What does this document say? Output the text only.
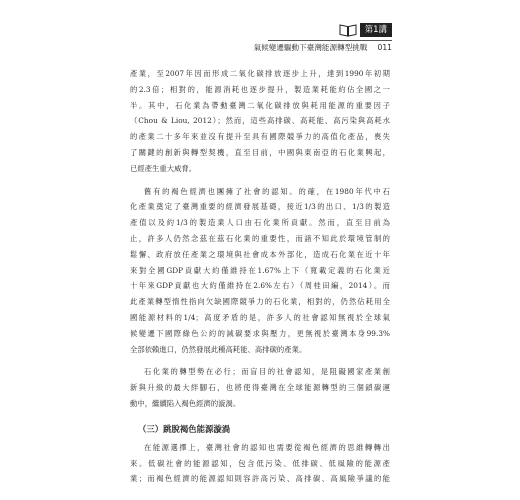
第1講
氣候變遷驅動下臺灣能源轉型挑戰 011
產業，至2007年因而形成二氧化碳排放逐步上升，達到1990年初期
的2.3倍；相對的，能源消耗也逐步提升，製造業耗能約佔全國之一
半。其中，石化業為帶動臺灣二氧化碳排放與耗用能源的重要因子
（Chou & Liou, 2012）；然而，這些高排碳、高耗能、高污染與高耗水
的產業二十多年來並沒有提升至具有國際競爭力的高值化產品，喪失
了關鍵的創新與轉型契機，直至目前，中國與東南亞的石化業興起，
已經產生重大威脅。
舊有的褐色經濟也團擁了社會的認知。的確，在1980年代中石
化產業奠定了臺灣重要的經濟發展基礎，接近1/3的出口、1/3的製造
產值以及約1/3的製造業人口由石化業所貢獻。然而，直至目前為
止，許多人仍然念茲在茲石化業的重要性，而諸不知此於環境管制的
鬆懈、政府放任產業之環境與社會成本外部化，造成石化業在近十年
來對全國GDP貢獻大約僅維持在1.67%上下（寬載定義的石化業近
十年來GDP貢獻也大約僅維持在2.6%左右）（周桂田編，2014）。而
此產業轉型惰性指向欠缺國際競爭力的石化業，相對的，仍然佔耗用全
國能源材料的1/4；高度矛盾的是，許多人的社會認知無視於全球氣
候變遷下國際綠色公約的減碳要求與壓力，更無視於臺灣本身99.3%
全部依賴進口，仍然發展此種高耗能、高排碳的產業。
石化業的轉型勢在必行；而盲目的社會認知，是阻礙國家產業創
新與升級的最大絆腳石，也將使得臺灣在全球能源轉型的三個鎖碳運
動中，繼續陷入褐色經濟的漩渦。
（三）跳脫褐色能源漩渦
在能源選擇上，臺灣社會的認知也需要從褐色經濟的思維轉轉出
來。低碳社會的能源認知，包含低污染、低排碳、低風險的能源產
業；而褐色經濟的能源認知則容許高污染、高排碳、高風險爭議的能
